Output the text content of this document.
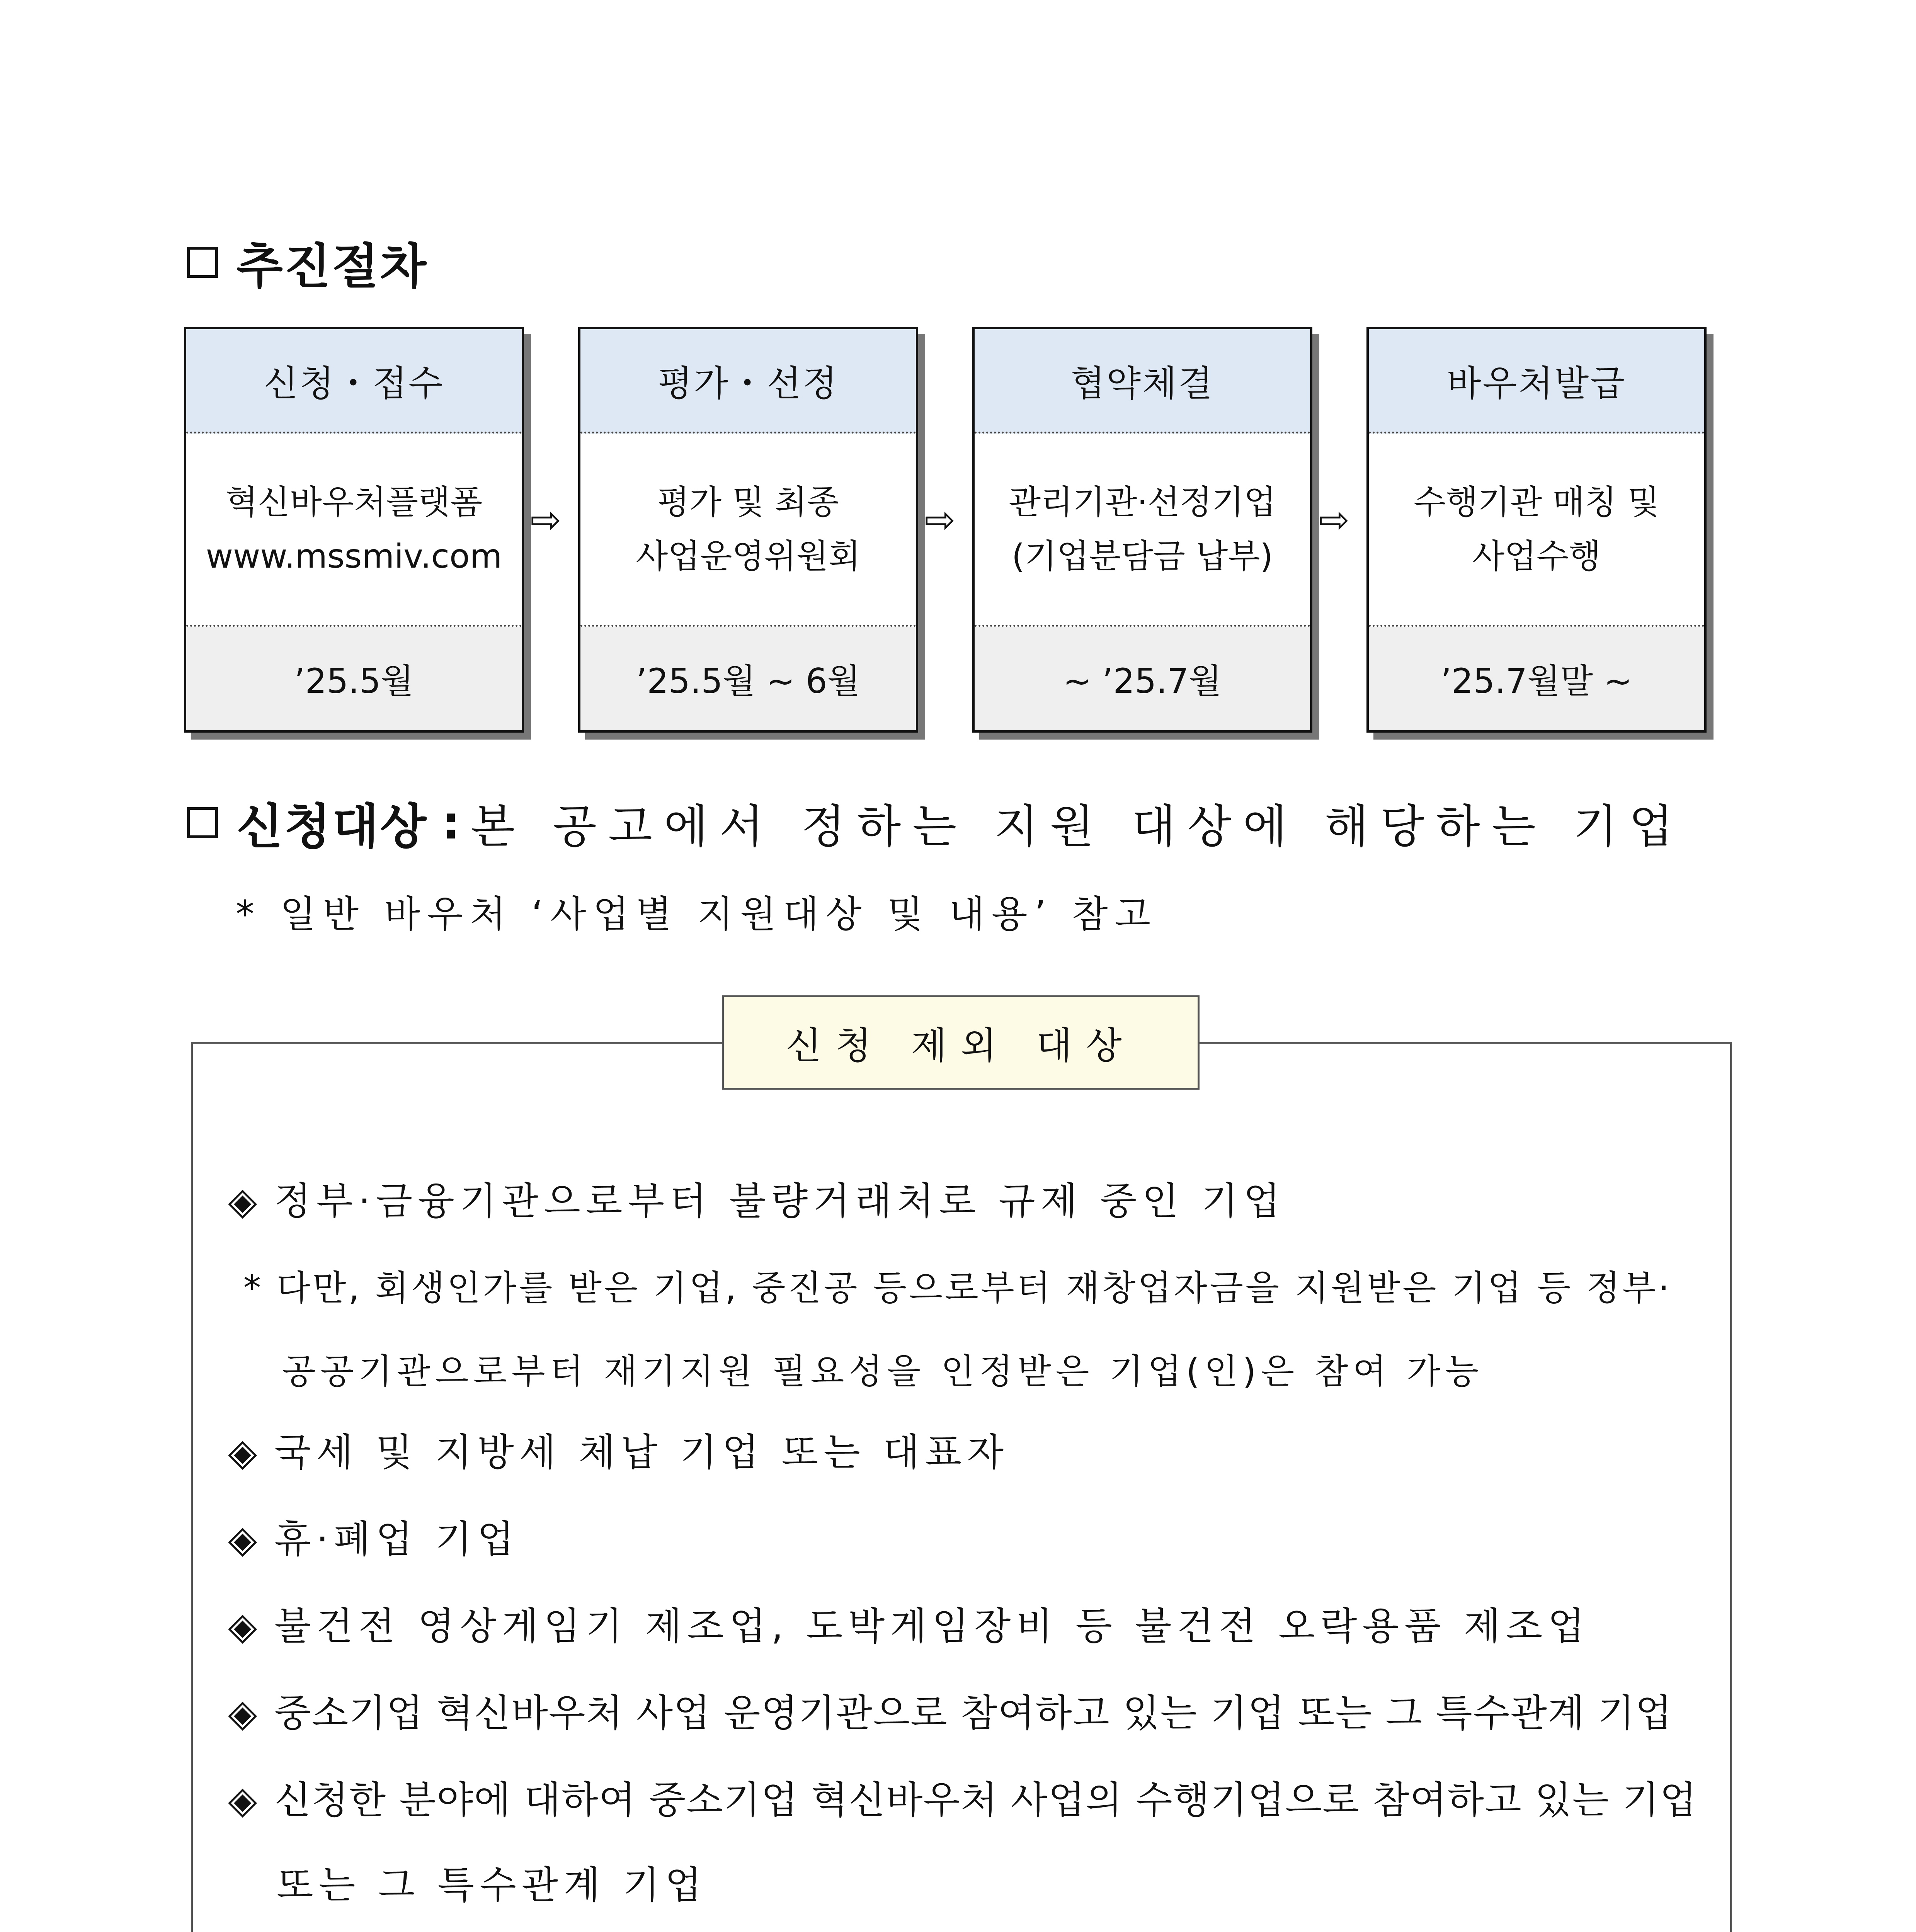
추진절차
신청・접수
혁신바우처플랫폼
www.mssmiv.com
’25.5월
⇨
평가・선정
평가 및 최종
사업운영위원회
’25.5월 ~ 6월
⇨
협약체결
관리기관·선정기업
(기업분담금 납부)
~ ’25.7월
⇨
바우처발급
수행기관 매칭 및
사업수행
’25.7월말 ~
신청대상 : 본 공고에서 정하는 지원 대상에 해당하는 기업
* 일반 바우처 ‘사업별 지원대상 및 내용’ 참고
신청 제외 대상
◈ 정부·금융기관으로부터 불량거래처로 규제 중인 기업
* 다만, 회생인가를 받은 기업, 중진공 등으로부터 재창업자금을 지원받은 기업 등 정부·
공공기관으로부터 재기지원 필요성을 인정받은 기업(인)은 참여 가능
◈ 국세 및 지방세 체납 기업 또는 대표자
◈ 휴·폐업 기업
◈ 불건전 영상게임기 제조업, 도박게임장비 등 불건전 오락용품 제조업
◈ 중소기업 혁신바우처 사업 운영기관으로 참여하고 있는 기업 또는 그 특수관계 기업
◈ 신청한 분야에 대하여 중소기업 혁신바우처 사업의 수행기업으로 참여하고 있는 기업
또는 그 특수관계 기업
